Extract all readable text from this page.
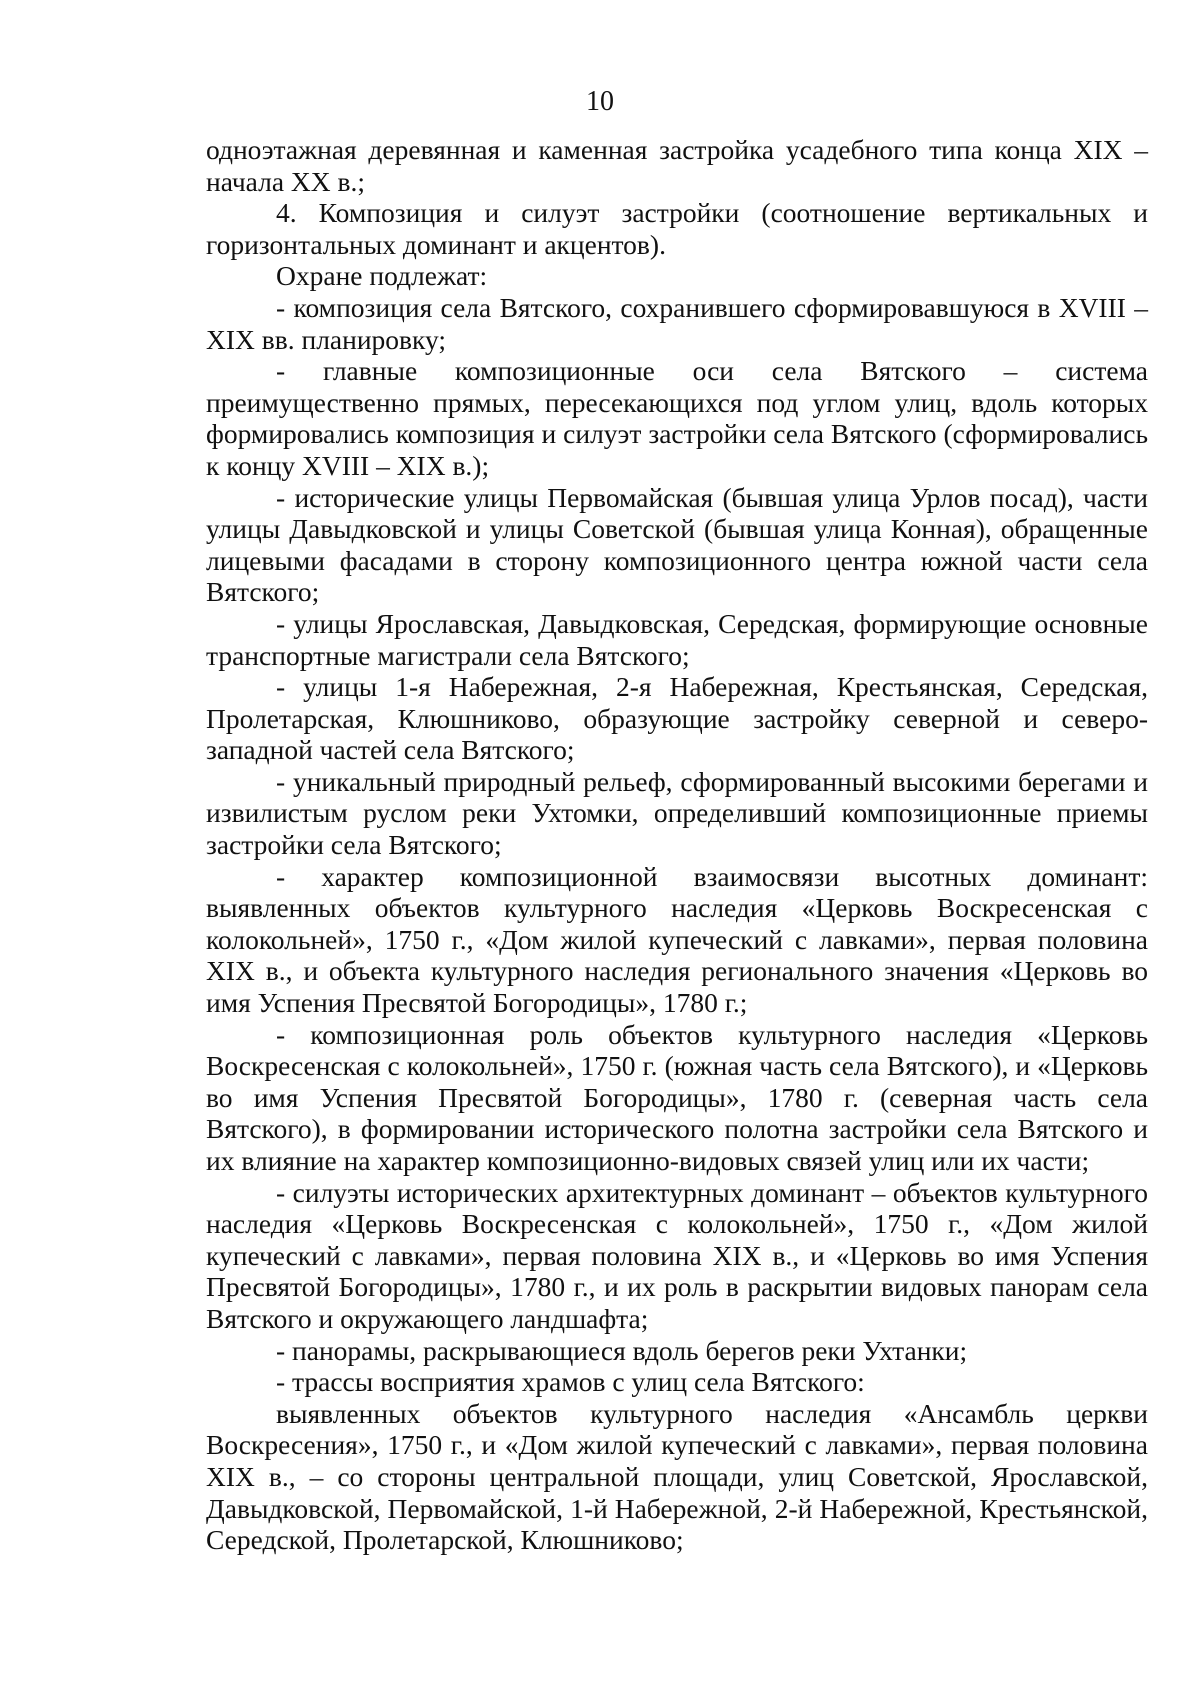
10

одноэтажная деревянная и каменная застройка усадебного типа конца XIX – начала XX в.;

4. Композиция и силуэт застройки (соотношение вертикальных и горизонтальных доминант и акцентов).

Охране подлежат:

- композиция села Вятского, сохранившего сформировавшуюся в XVIII – XIX вв. планировку;

- главные композиционные оси села Вятского – система преимущественно прямых, пересекающихся под углом улиц, вдоль которых формировались композиция и силуэт застройки села Вятского (сформировались к концу XVIII – XIX в.);

- исторические улицы Первомайская (бывшая улица Урлов посад), части улицы Давыдковской и улицы Советской (бывшая улица Конная), обращенные лицевыми фасадами в сторону композиционного центра южной части села Вятского;

- улицы Ярославская, Давыдковская, Середская, формирующие основные транспортные магистрали села Вятского;

- улицы 1-я Набережная, 2-я Набережная, Крестьянская, Середская, Пролетарская, Клюшниково, образующие застройку северной и северо-западной частей села Вятского;

- уникальный природный рельеф, сформированный высокими берегами и извилистым руслом реки Ухтомки, определивший композиционные приемы застройки села Вятского;

- характер композиционной взаимосвязи высотных доминант: выявленных объектов культурного наследия «Церковь Воскресенская с колокольней», 1750 г., «Дом жилой купеческий с лавками», первая половина XIX в., и объекта культурного наследия регионального значения «Церковь во имя Успения Пресвятой Богородицы», 1780 г.;

- композиционная роль объектов культурного наследия «Церковь Воскресенская с колокольней», 1750 г. (южная часть села Вятского), и «Церковь во имя Успения Пресвятой Богородицы», 1780 г. (северная часть села Вятского), в формировании исторического полотна застройки села Вятского и их влияние на характер композиционно-видовых связей улиц или их части;

- силуэты исторических архитектурных доминант – объектов культурного наследия «Церковь Воскресенская с колокольней», 1750 г., «Дом жилой купеческий с лавками», первая половина XIX в., и «Церковь во имя Успения Пресвятой Богородицы», 1780 г., и их роль в раскрытии видовых панорам села Вятского и окружающего ландшафта;

- панорамы, раскрывающиеся вдоль берегов реки Ухтанки;

- трассы восприятия храмов с улиц села Вятского:

выявленных объектов культурного наследия «Ансамбль церкви Воскресения», 1750 г., и «Дом жилой купеческий с лавками», первая половина XIX в., – со стороны центральной площади, улиц Советской, Ярославской, Давыдковской, Первомайской, 1-й Набережной, 2-й Набережной, Крестьянской, Середской, Пролетарской, Клюшниково;
